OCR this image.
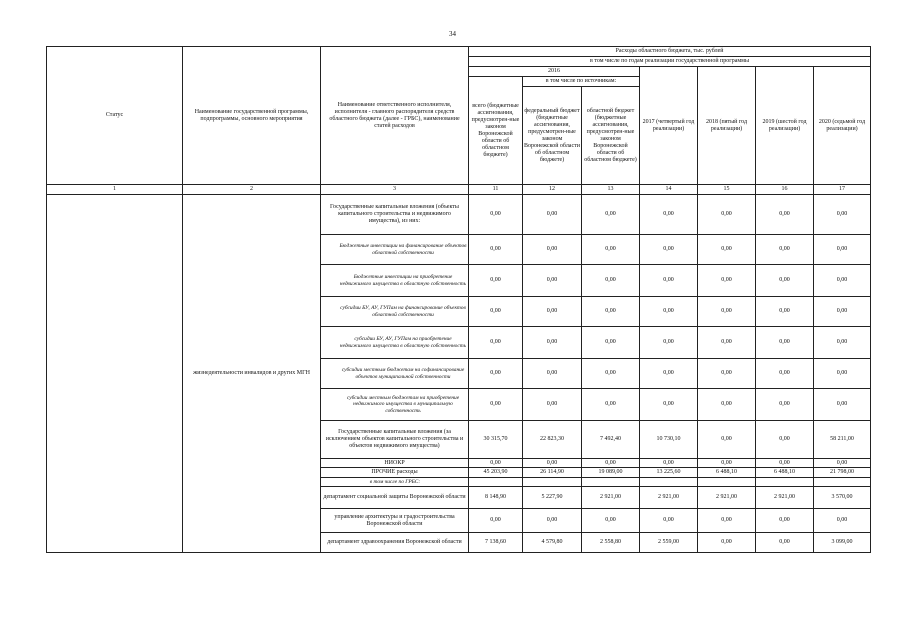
34
Статус	Наименование государственной программы, подпрограммы, основного мероприятия	Наименование ответственного исполнителя, исполнителя - главного распорядителя средств областного бюджета (далее - ГРБС), наименование статей расходов	Расходы областного бюджета, тыс. рублей						
			в том числе по годам реализации государственной программы						
			2016			2017 (четвертый год реализации)	2018 (пятый год реализации)	2019 (шестой год реализации)	2020 (седьмой год реализации)
			всего (бюджетные ассигнования, предусмотрен-ные законом Воронежской области об областном бюджете)	в том числе по источникам:					
				федеральный бюджет (бюджетные ассигнования, предусмотрен-ные законом Воронежской области об областном бюджете)	областной бюджет (бюджетные ассигнования, предусмотрен-ные законом Воронежской области об областном бюджете)				
1	2	3	11	12	13	14	15	16	17
	жизнедеятельности инвалидов и других МГН	Государственные капитальные вложения (объекты капитального строительства и недвижимого имущества), из них:	0,00	0,00	0,00	0,00	0,00	0,00	0,00
		Бюджетные инвестиции на финансирование объектов областной собственности	0,00	0,00	0,00	0,00	0,00	0,00	0,00
		Бюджетные инвестиции на приобретение недвижимого имущества в областную собственность	0,00	0,00	0,00	0,00	0,00	0,00	0,00
		субсидии БУ, АУ, ГУПам на финансирование объектов областной собственности	0,00	0,00	0,00	0,00	0,00	0,00	0,00
		субсидии БУ, АУ, ГУПам на приобретение недвижимого имущества в областную собственность	0,00	0,00	0,00	0,00	0,00	0,00	0,00
		субсидии местным бюджетам на софинансирование объектов муниципальной собственности	0,00	0,00	0,00	0,00	0,00	0,00	0,00
		субсидии местным бюджетам на приобретение недвижимого имущества в муниципальную собственность	0,00	0,00	0,00	0,00	0,00	0,00	0,00
		Государственные капитальные вложения (за исключением объектов капитального строительства и объектов недвижимого имущества)	30 315,70	22 823,30	7 492,40	10 730,10	0,00	0,00	58 211,00
		НИОКР	0,00	0,00	0,00	0,00	0,00	0,00	0,00
		ПРОЧИЕ расходы	45 203,90	26 114,90	19 089,00	13 225,60	6 488,10	6 488,10	21 798,00
		в том числе по ГРБС:							
		департамент социальной защиты Воронежской области	8 148,90	5 227,90	2 921,00	2 921,00	2 921,00	2 921,00	3 570,00
		управление архитектуры и градостроительства Воронежской области	0,00	0,00	0,00	0,00	0,00	0,00	0,00
		департамент здравоохранения Воронежской области	7 138,60	4 579,80	2 558,80	2 559,00	0,00	0,00	3 099,00
